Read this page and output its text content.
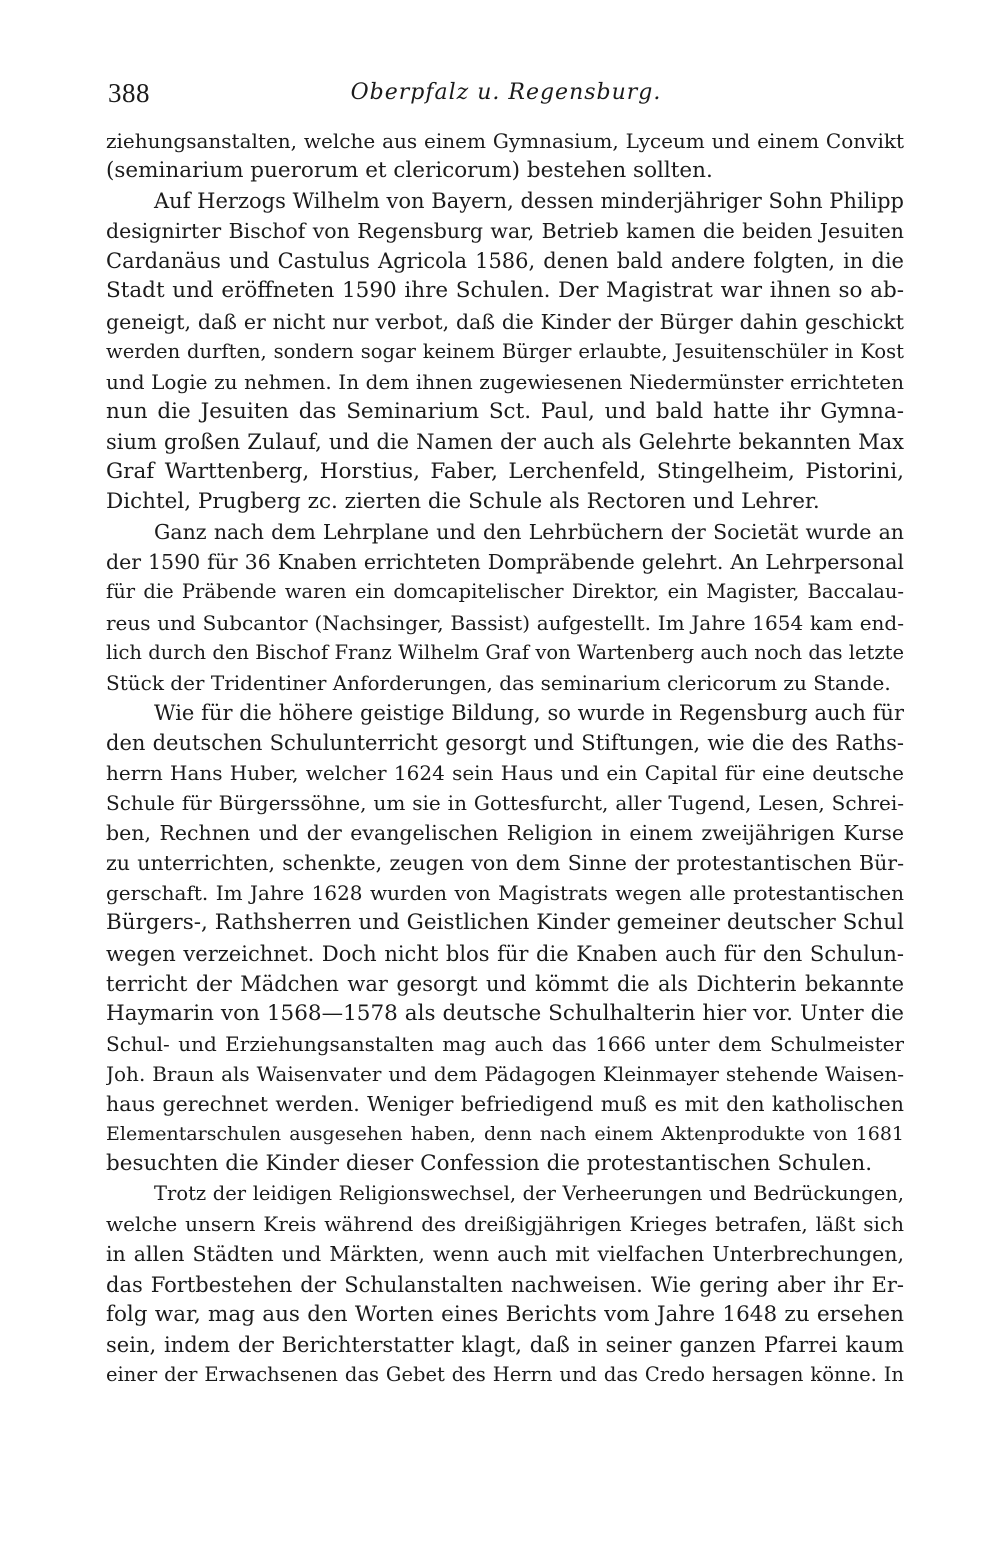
388	Oberpfalz u. Regensburg.
ziehungsanstalten, welche aus einem Gymnasium, Lyceum und einem Convikt
(seminarium puerorum et clericorum) bestehen sollten.
Auf Herzogs Wilhelm von Bayern, dessen minderjähriger Sohn Philipp
designirter Bischof von Regensburg war, Betrieb kamen die beiden Jesuiten
Cardanäus und Castulus Agricola 1586, denen bald andere folgten, in die
Stadt und eröffneten 1590 ihre Schulen. Der Magistrat war ihnen so ab-
geneigt, daß er nicht nur verbot, daß die Kinder der Bürger dahin geschickt
werden durften, sondern sogar keinem Bürger erlaubte, Jesuitenschüler in Kost
und Logie zu nehmen. In dem ihnen zugewiesenen Niedermünster errichteten
nun die Jesuiten das Seminarium Sct. Paul, und bald hatte ihr Gymna-
sium großen Zulauf, und die Namen der auch als Gelehrte bekannten Max
Graf Warttenberg, Horstius, Faber, Lerchenfeld, Stingelheim, Pistorini,
Dichtel, Prugberg zc. zierten die Schule als Rectoren und Lehrer.
Ganz nach dem Lehrplane und den Lehrbüchern der Societät wurde an
der 1590 für 36 Knaben errichteten Dompräbende gelehrt. An Lehrpersonal
für die Präbende waren ein domcapitelischer Direktor, ein Magister, Baccalau-
reus und Subcantor (Nachsinger, Bassist) aufgestellt. Im Jahre 1654 kam end-
lich durch den Bischof Franz Wilhelm Graf von Wartenberg auch noch das letzte
Stück der Tridentiner Anforderungen, das seminarium clericorum zu Stande.
Wie für die höhere geistige Bildung, so wurde in Regensburg auch für
den deutschen Schulunterricht gesorgt und Stiftungen, wie die des Raths-
herrn Hans Huber, welcher 1624 sein Haus und ein Capital für eine deutsche
Schule für Bürgerssöhne, um sie in Gottesfurcht, aller Tugend, Lesen, Schrei-
ben, Rechnen und der evangelischen Religion in einem zweijährigen Kurse
zu unterrichten, schenkte, zeugen von dem Sinne der protestantischen Bür-
gerschaft. Im Jahre 1628 wurden von Magistrats wegen alle protestantischen
Bürgers-, Rathsherren und Geistlichen Kinder gemeiner deutscher Schul
wegen verzeichnet. Doch nicht blos für die Knaben auch für den Schulun-
terricht der Mädchen war gesorgt und kömmt die als Dichterin bekannte
Haymarin von 1568—1578 als deutsche Schulhalterin hier vor. Unter die
Schul- und Erziehungsanstalten mag auch das 1666 unter dem Schulmeister
Joh. Braun als Waisenvater und dem Pädagogen Kleinmayer stehende Waisen-
haus gerechnet werden. Weniger befriedigend muß es mit den katholischen
Elementarschulen ausgesehen haben, denn nach einem Aktenprodukte von 1681
besuchten die Kinder dieser Confession die protestantischen Schulen.
Trotz der leidigen Religionswechsel, der Verheerungen und Bedrückungen,
welche unsern Kreis während des dreißigjährigen Krieges betrafen, läßt sich
in allen Städten und Märkten, wenn auch mit vielfachen Unterbrechungen,
das Fortbestehen der Schulanstalten nachweisen. Wie gering aber ihr Er-
folg war, mag aus den Worten eines Berichts vom Jahre 1648 zu ersehen
sein, indem der Berichterstatter klagt, daß in seiner ganzen Pfarrei kaum
einer der Erwachsenen das Gebet des Herrn und das Credo hersagen könne. In
